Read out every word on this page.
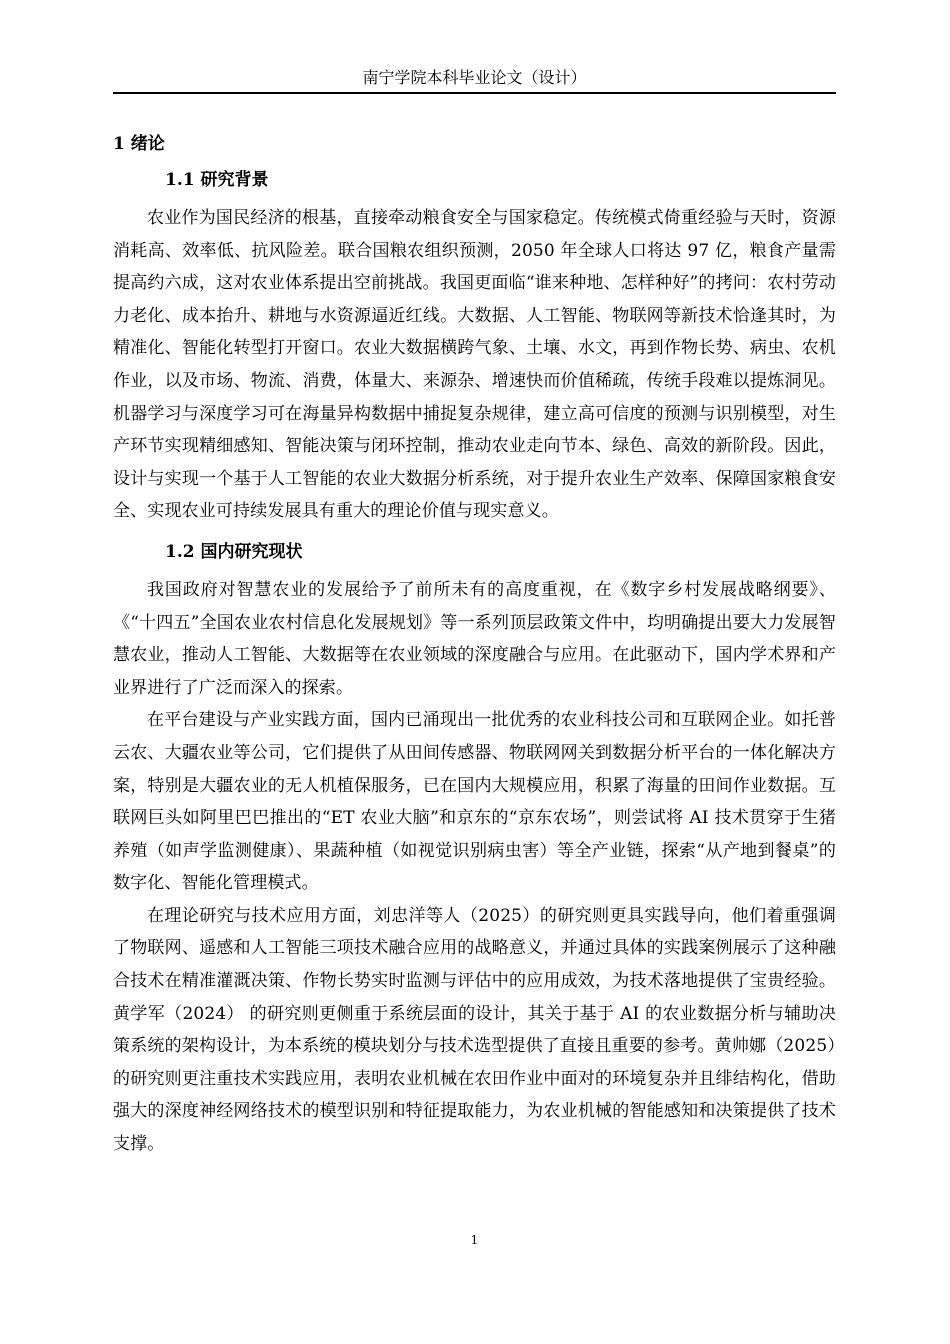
南宁学院本科毕业论文（设计）
1 绪论
1.1 研究背景

农业作为国民经济的根基，直接牵动粮食安全与国家稳定。传统模式倚重经验与天时，资源消耗高、效率低、抗风险差。联合国粮农组织预测，2050 年全球人口将达 97 亿，粮食产量需提高约六成，这对农业体系提出空前挑战。我国更面临“谁来种地、怎样种好”的拷问：农村劳动力老化、成本抬升、耕地与水资源逼近红线。大数据、人工智能、物联网等新技术恰逢其时，为精准化、智能化转型打开窗口。农业大数据横跨气象、土壤、水文，再到作物长势、病虫、农机作业，以及市场、物流、消费，体量大、来源杂、增速快而价值稀疏，传统手段难以提炼洞见。机器学习与深度学习可在海量异构数据中捕捉复杂规律，建立高可信度的预测与识别模型，对生产环节实现精细感知、智能决策与闭环控制，推动农业走向节本、绿色、高效的新阶段。因此，设计与实现一个基于人工智能的农业大数据分析系统，对于提升农业生产效率、保障国家粮食安全、实现农业可持续发展具有重大的理论价值与现实意义。

1.2 国内研究现状

我国政府对智慧农业的发展给予了前所未有的高度重视，在《数字乡村发展战略纲要》、《“十四五”全国农业农村信息化发展规划》等一系列顶层政策文件中，均明确提出要大力发展智慧农业，推动人工智能、大数据等在农业领域的深度融合与应用。在此驱动下，国内学术界和产业界进行了广泛而深入的探索。

在平台建设与产业实践方面，国内已涌现出一批优秀的农业科技公司和互联网企业。如托普云农、大疆农业等公司，它们提供了从田间传感器、物联网网关到数据分析平台的一体化解决方案，特别是大疆农业的无人机植保服务，已在国内大规模应用，积累了海量的田间作业数据。互联网巨头如阿里巴巴推出的“ET 农业大脑”和京东的“京东农场”，则尝试将 AI 技术贯穿于生猪养殖（如声学监测健康）、果蔬种植（如视觉识别病虫害）等全产业链，探索“从产地到餐桌”的数字化、智能化管理模式。

在理论研究与技术应用方面，刘忠洋等人（2025）的研究则更具实践导向，他们着重强调了物联网、遥感和人工智能三项技术融合应用的战略意义，并通过具体的实践案例展示了这种融合技术在精准灌溉决策、作物长势实时监测与评估中的应用成效，为技术落地提供了宝贵经验。黄学军（2024） 的研究则更侧重于系统层面的设计，其关于基于 AI 的农业数据分析与辅助决策系统的架构设计，为本系统的模块划分与技术选型提供了直接且重要的参考。黄帅娜（2025）的研究则更注重技术实践应用，表明农业机械在农田作业中面对的环境复杂并且绯结构化，借助强大的深度神经网络技术的模型识别和特征提取能力，为农业机械的智能感知和决策提供了技术支撑。

1
